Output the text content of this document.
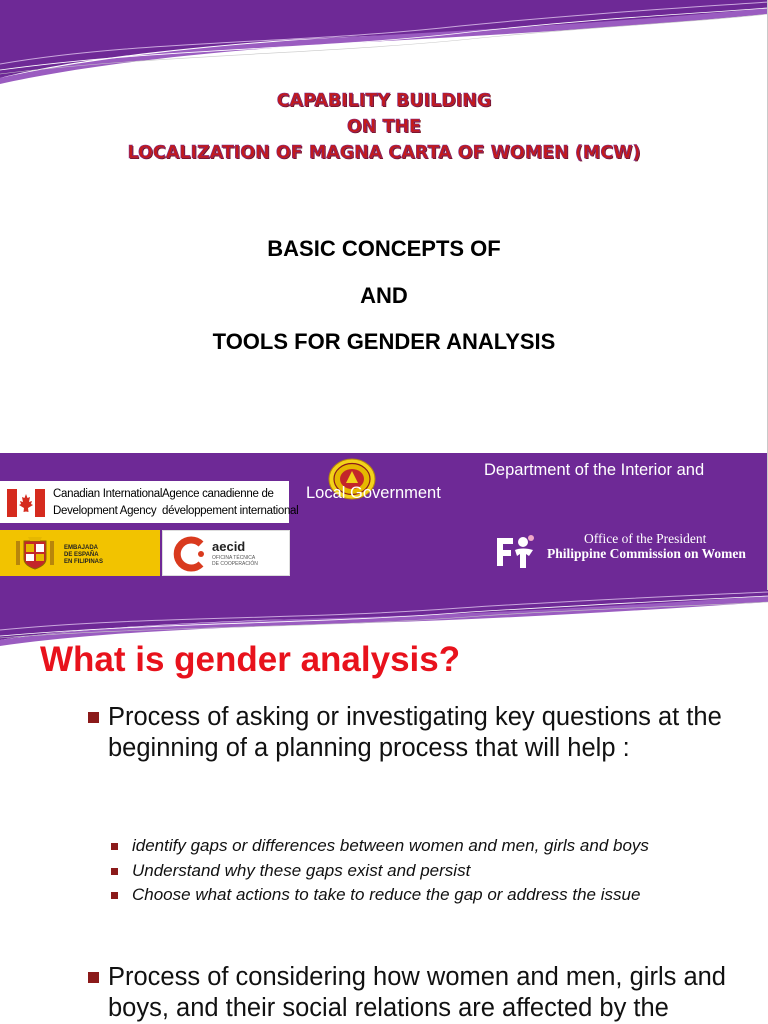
CAPABILITY BUILDING
ON THE
LOCALIZATION OF MAGNA CARTA OF WOMEN (MCW)
BASIC CONCEPTS OF
AND
TOOLS FOR GENDER ANALYSIS
Department of the Interior and
Local Government
Canadian International
Development Agency
Agence canadienne de
développement international
EMBAJADA
DE ESPAÑA
EN FILIPINAS
aecid
OFICINA TÉCNICA
DE COOPERACIÓN
Office of the President
Philippine Commission on Women
What is gender analysis?
Process of asking or investigating key questions at the beginning of a planning process that will help :
identify gaps or differences between women and men, girls and boys
Understand why these gaps exist and persist
Choose what actions to take to reduce the gap or address the issue
Process of considering how women and men, girls and boys, and their social relations are affected by the
